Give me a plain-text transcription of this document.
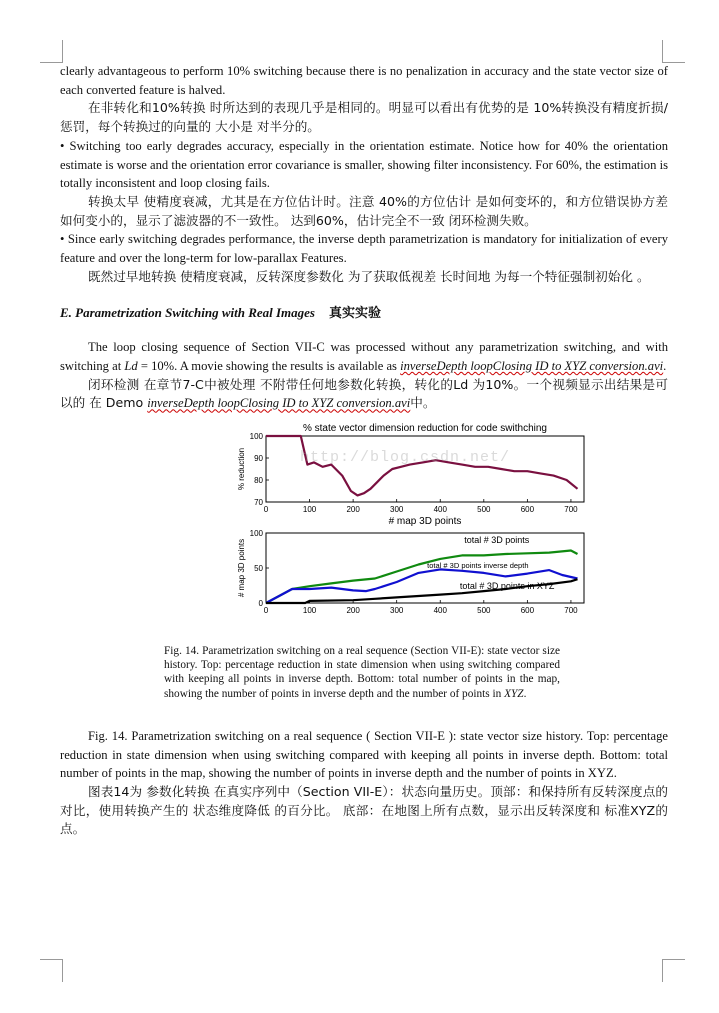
clearly advantageous to perform 10% switching because there is no penalization in accuracy and the state vector size of each converted feature is halved.

在非转化和10%转换 时所达到的表现几乎是相同的。明显可以看出有优势的是 10%转换没有精度折损/惩罚，每个转换过的向量的 大小是 对半分的。

• Switching too early degrades accuracy, especially in the orientation estimate. Notice how for 40% the orientation estimate is worse and the orientation error covariance is smaller, showing filter inconsistency. For 60%, the estimation is totally inconsistent and loop closing fails.

转换太早 使精度衰减，尤其是在方位估计时。注意 40%的方位估计 是如何变坏的，和方位错误协方差 如何变小的，显示了滤波器的不一致性。 达到60%，估计完全不一致 闭环检测失败。

• Since early switching degrades performance, the inverse depth parametrization is mandatory for initialization of every feature and over the long-term for low-parallax Features.

既然过早地转换 使精度衰减，反转深度参数化 为了获取低视差 长时间地 为每一个特征强制初始化 。

E. Parametrization Switching with Real Images 真实实验

The loop closing sequence of Section VII-C was processed without any parametrization switching, and with switching at Ld = 10%. A movie showing the results is available as inverseDepth loopClosing ID to XYZ conversion.avi.

闭环检测 在章节7-C中被处理 不附带任何地参数化转换，转化的Ld 为10%。一个视频显示出结果是可以的 在 Demo inverseDepth loopClosing ID to XYZ conversion.avi中。

0	100	200	300	400	500	600	700
100
90
80
70
% state vector dimension reduction for code swithching
# map 3D points
% reduction
0	100	200	300	400	500	600	700
100
50
0
# map 3D points	total # 3D points
total # 3D points inverse depth
total # 3D points in XYZ
http://blog.csdn.net/

Fig. 14. Parametrization switching on a real sequence (Section VII-E): state vector size history. Top: percentage reduction in state dimension when using switching compared with keeping all points in inverse depth. Bottom: total number of points in the map, showing the number of points in inverse depth and the number of points in XYZ.

Fig. 14. Parametrization switching on a real sequence ( Section VII-E ): state vector size history. Top: percentage reduction in state dimension when using switching compared with keeping all points in inverse depth. Bottom: total number of points in the map, showing the number of points in inverse depth and the number of points in XYZ.

图表14为 参数化转换 在真实序列中（Section VII-E）：状态向量历史。顶部：和保持所有反转深度点的对比，使用转换产生的 状态维度降低 的百分比。 底部：在地图上所有点数，显示出反转深度和 标准XYZ的点。
